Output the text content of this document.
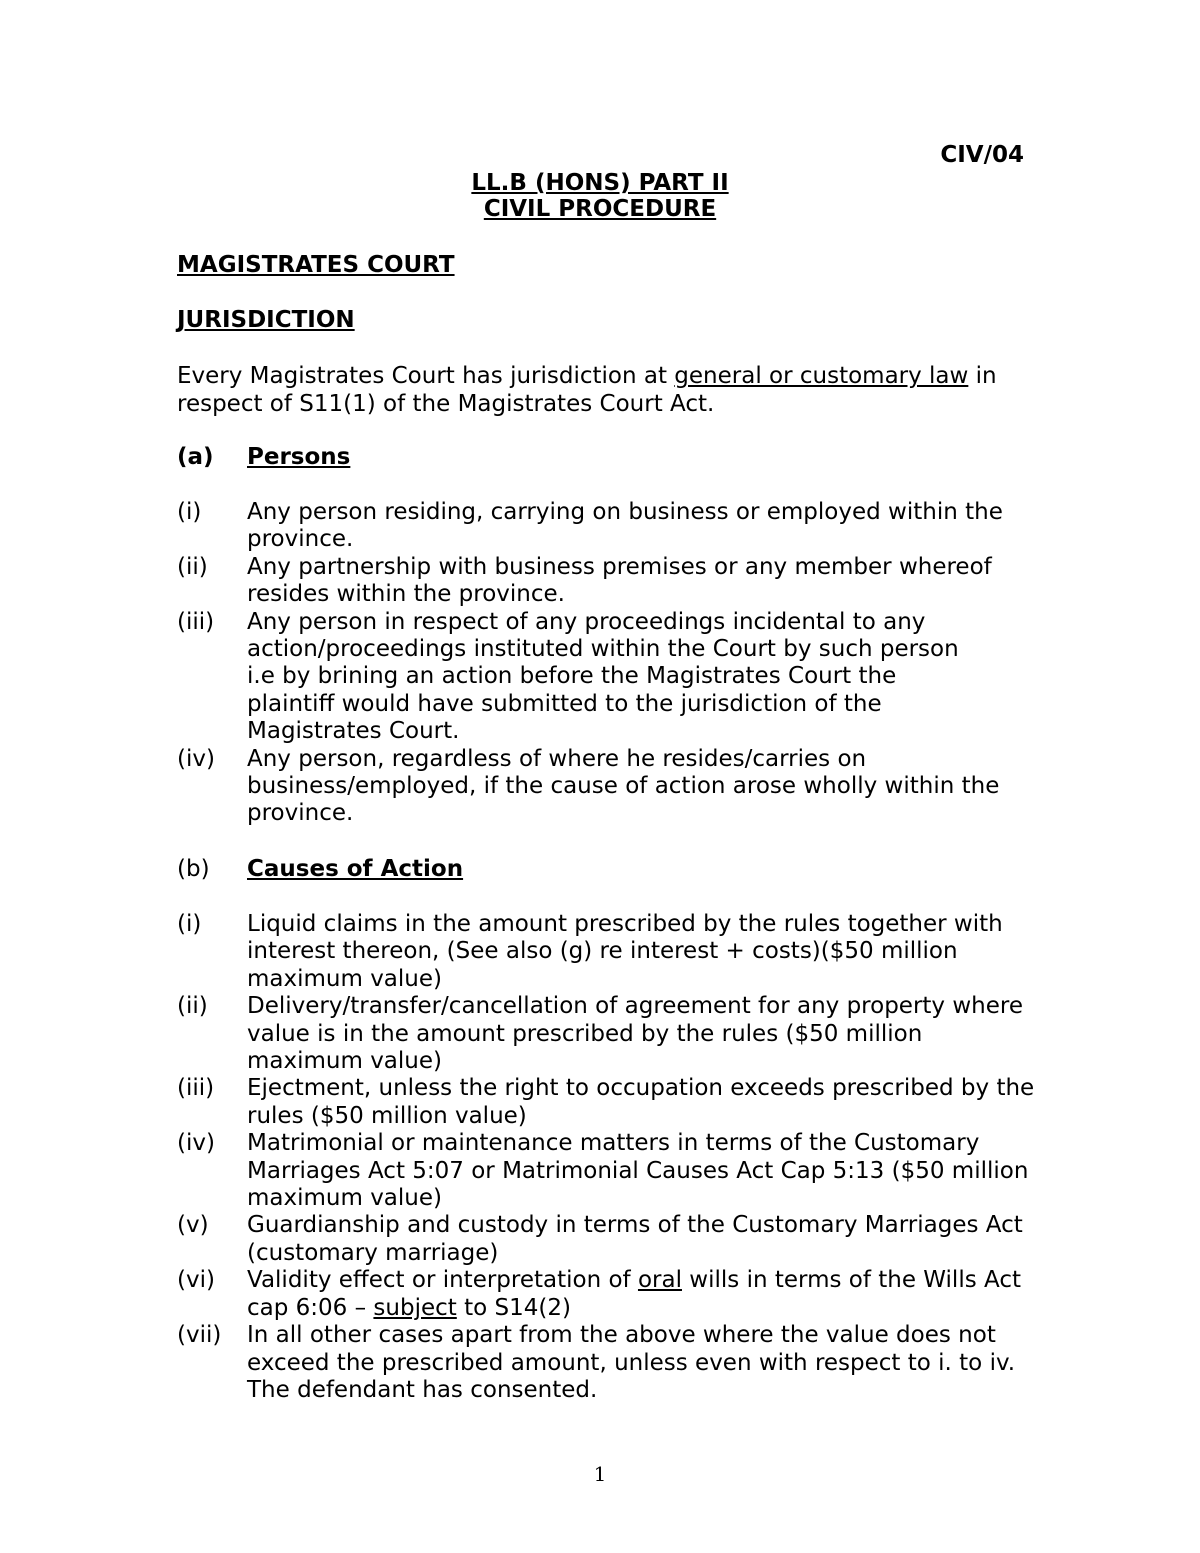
CIV/04
LL.B (HONS) PART II
CIVIL PROCEDURE
MAGISTRATES COURT
JURISDICTION
Every Magistrates Court has jurisdiction at general or customary law in respect of S11(1) of the Magistrates Court Act.
(a)	Persons
(i)	Any person residing, carrying on business or employed within the province.
(ii)	Any partnership with business premises or any member whereof resides within the province.
(iii)	Any person in respect of any proceedings incidental to any action/proceedings instituted within the Court by such person i.e by brining an action before the Magistrates Court the plaintiff would have submitted to the jurisdiction of the Magistrates Court.
(iv)	Any person, regardless of where he resides/carries on business/employed, if the cause of action arose wholly within the province.
(b)	Causes of Action
(i)	Liquid claims in the amount prescribed by the rules together with interest thereon, (See also (g) re interest + costs)($50 million maximum value)
(ii)	Delivery/transfer/cancellation of agreement for any property where value is in the amount prescribed by the rules ($50 million maximum value)
(iii)	Ejectment, unless the right to occupation exceeds prescribed by the rules ($50 million value)
(iv)	Matrimonial or maintenance matters in terms of the Customary Marriages Act 5:07 or Matrimonial Causes Act Cap 5:13 ($50 million maximum value)
(v)	Guardianship and custody in terms of the Customary Marriages Act (customary marriage)
(vi)	Validity effect or interpretation of oral wills in terms of the Wills Act cap 6:06 – subject to S14(2)
(vii)	In all other cases apart from the above where the value does not exceed the prescribed amount, unless even with respect to i. to iv. The defendant has consented.
1
